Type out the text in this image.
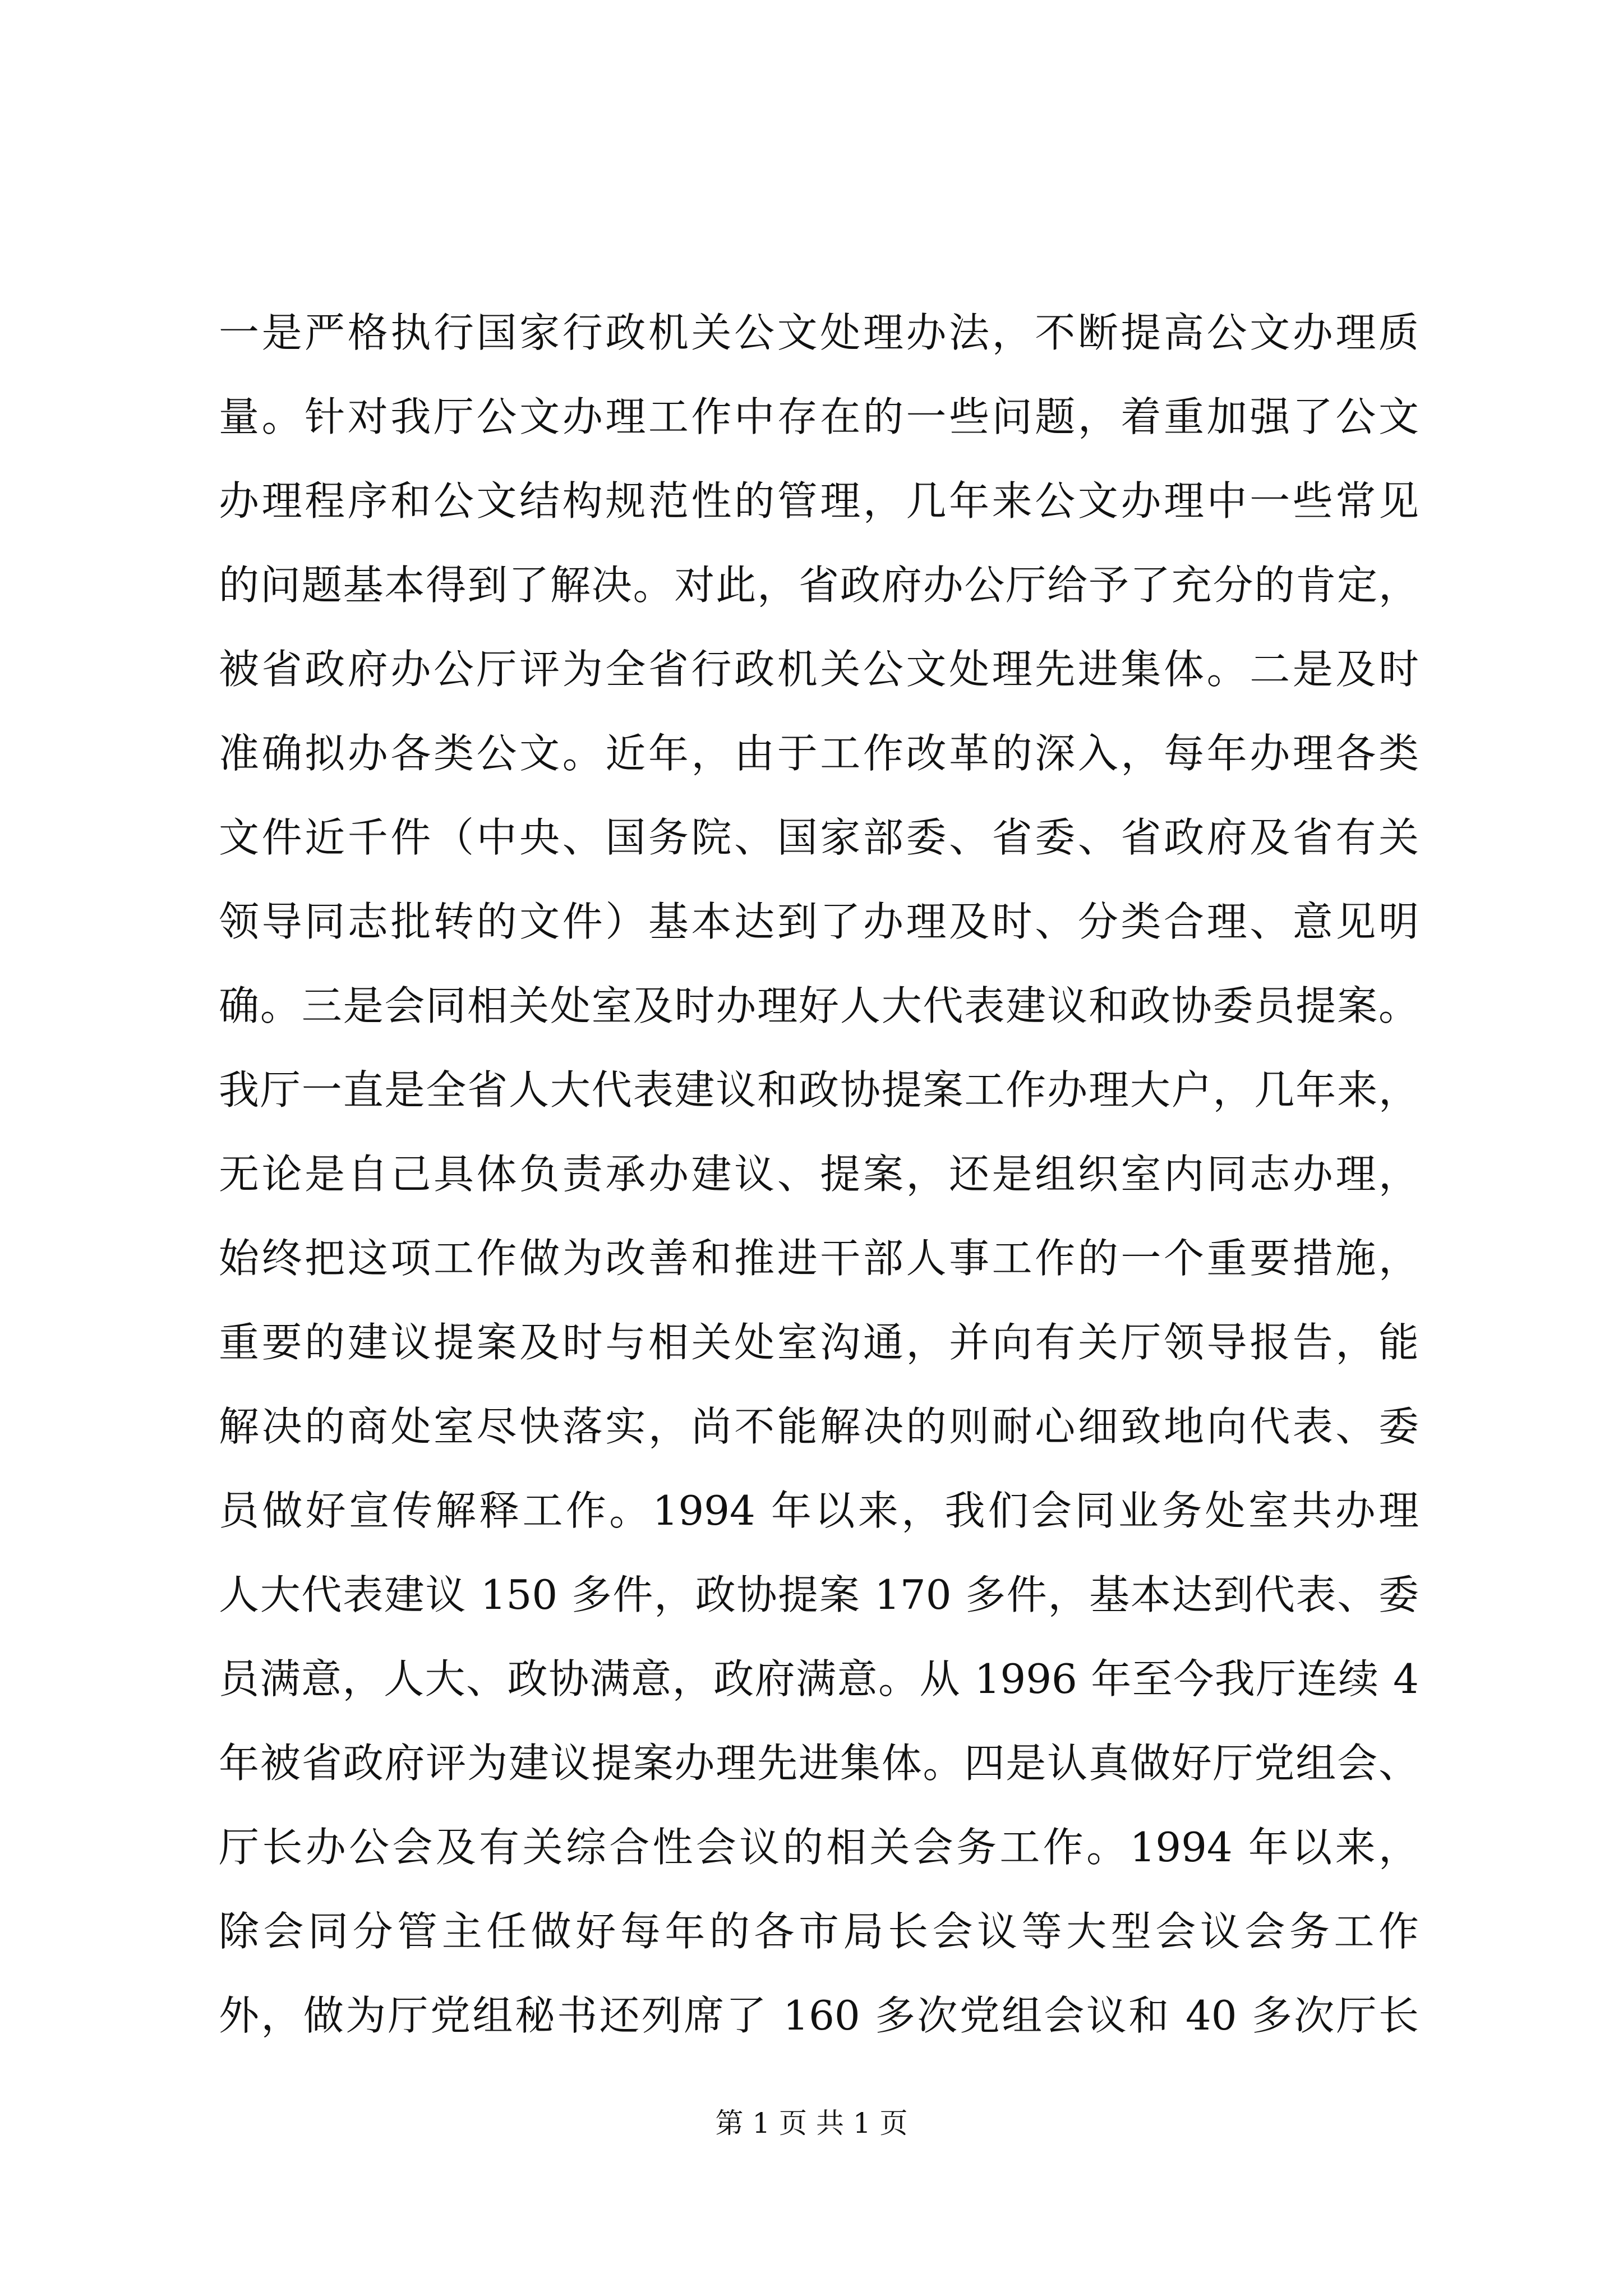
一是严格执行国家行政机关公文处理办法，不断提高公文办理质
量。针对我厅公文办理工作中存在的一些问题，着重加强了公文
办理程序和公文结构规范性的管理，几年来公文办理中一些常见
的问题基本得到了解决。对此，省政府办公厅给予了充分的肯定，
被省政府办公厅评为全省行政机关公文处理先进集体。二是及时
准确拟办各类公文。近年，由于工作改革的深入，每年办理各类
文件近千件（中央、国务院、国家部委、省委、省政府及省有关
领导同志批转的文件）基本达到了办理及时、分类合理、意见明
确。三是会同相关处室及时办理好人大代表建议和政协委员提案。
我厅一直是全省人大代表建议和政协提案工作办理大户，几年来，
无论是自己具体负责承办建议、提案，还是组织室内同志办理，
始终把这项工作做为改善和推进干部人事工作的一个重要措施，
重要的建议提案及时与相关处室沟通，并向有关厅领导报告，能
解决的商处室尽快落实，尚不能解决的则耐心细致地向代表、委
员做好宣传解释工作。1994 年以来，我们会同业务处室共办理
人大代表建议 150 多件，政协提案 170 多件，基本达到代表、委
员满意，人大、政协满意，政府满意。从 1996 年至今我厅连续 4
年被省政府评为建议提案办理先进集体。四是认真做好厅党组会、
厅长办公会及有关综合性会议的相关会务工作。1994 年以来，
除会同分管主任做好每年的各市局长会议等大型会议会务工作
外，做为厅党组秘书还列席了 160 多次党组会议和 40 多次厅长
第 1 页 共 1 页
